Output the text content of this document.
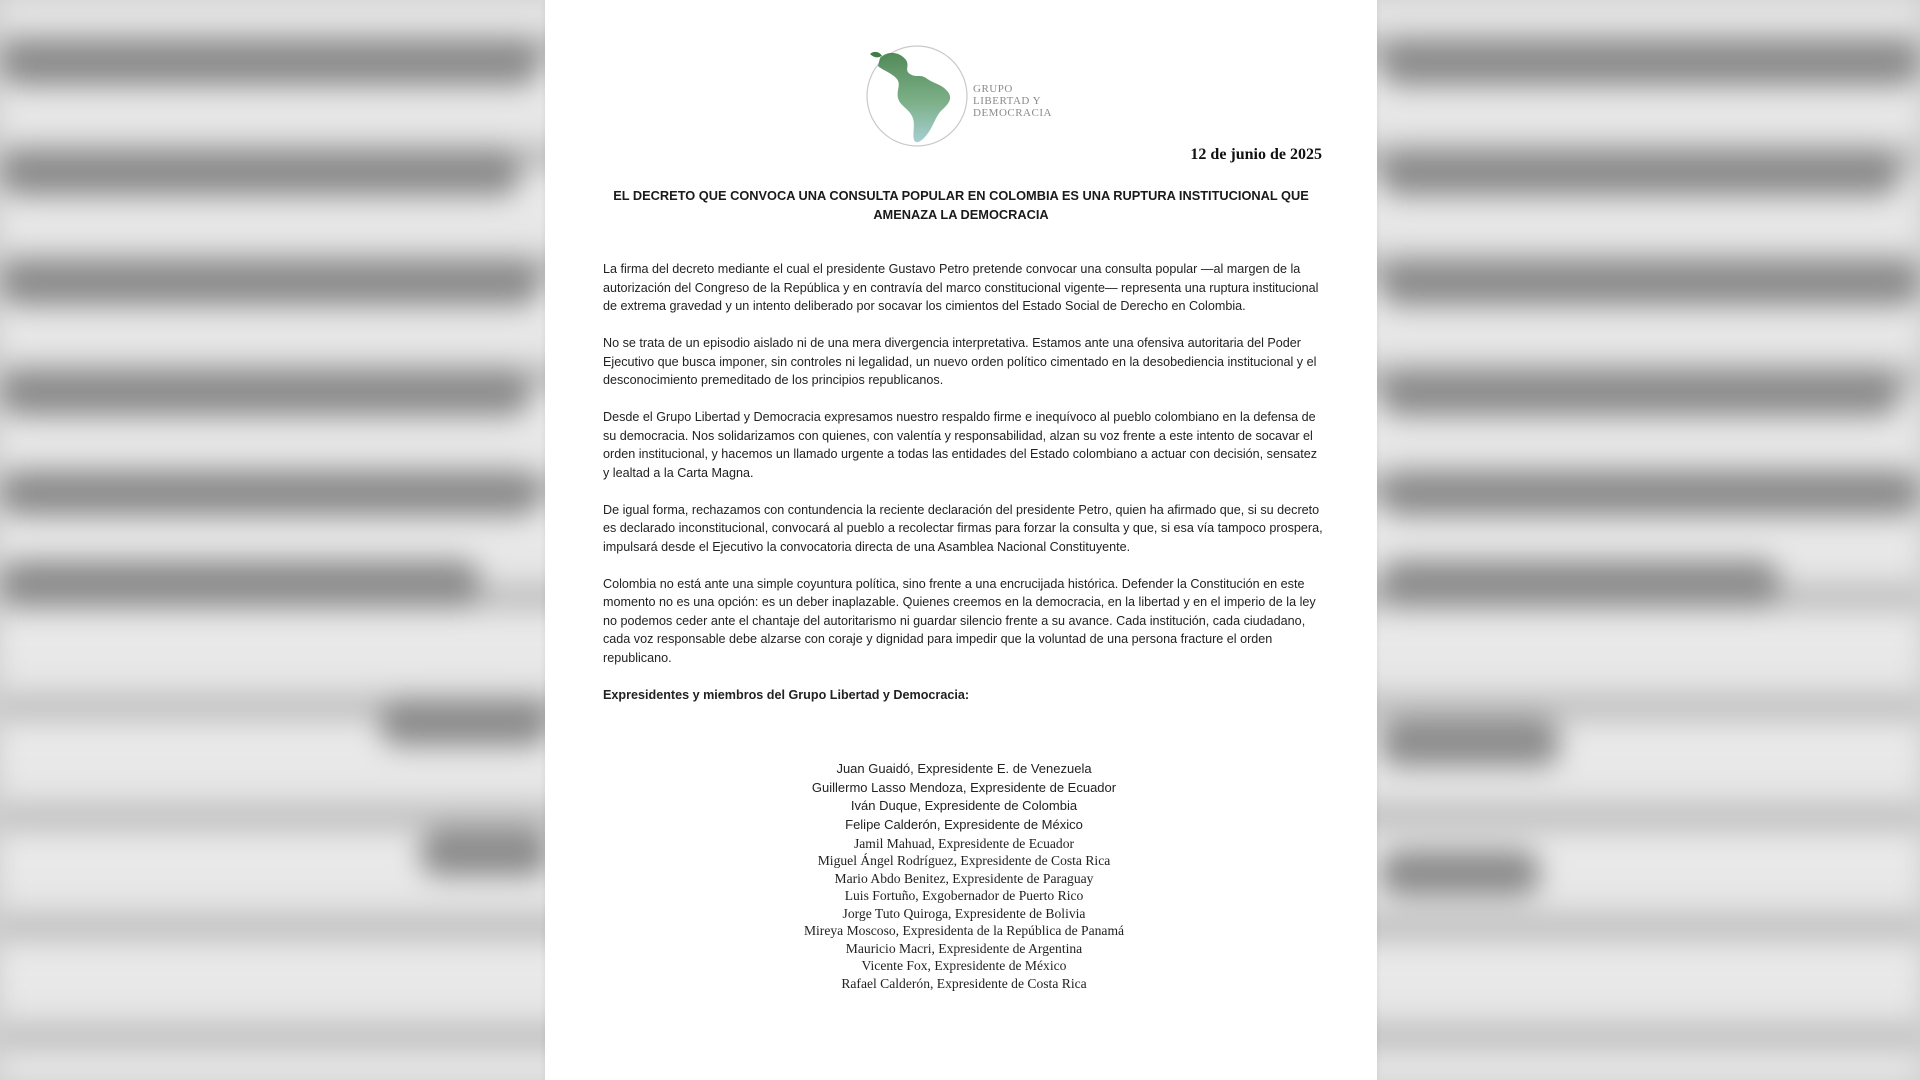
GRUPO
LIBERTAD Y
DEMOCRACIA
12 de junio de 2025
EL DECRETO QUE CONVOCA UNA CONSULTA POPULAR EN COLOMBIA ES UNA RUPTURA INSTITUCIONAL QUE
AMENAZA LA DEMOCRACIA

La firma del decreto mediante el cual el presidente Gustavo Petro pretende convocar una consulta popular —al margen de la autorización del Congreso de la República y en contravía del marco constitucional vigente— representa una ruptura institucional de extrema gravedad y un intento deliberado por socavar los cimientos del Estado Social de Derecho en Colombia.

No se trata de un episodio aislado ni de una mera divergencia interpretativa. Estamos ante una ofensiva autoritaria del Poder Ejecutivo que busca imponer, sin controles ni legalidad, un nuevo orden político cimentado en la desobediencia institucional y el desconocimiento premeditado de los principios republicanos.

Desde el Grupo Libertad y Democracia expresamos nuestro respaldo firme e inequívoco al pueblo colombiano en la defensa de su democracia. Nos solidarizamos con quienes, con valentía y responsabilidad, alzan su voz frente a este intento de socavar el orden institucional, y hacemos un llamado urgente a todas las entidades del Estado colombiano a actuar con decisión, sensatez y lealtad a la Carta Magna.

De igual forma, rechazamos con contundencia la reciente declaración del presidente Petro, quien ha afirmado que, si su decreto es declarado inconstitucional, convocará al pueblo a recolectar firmas para forzar la consulta y que, si esa vía tampoco prospera, impulsará desde el Ejecutivo la convocatoria directa de una Asamblea Nacional Constituyente.

Colombia no está ante una simple coyuntura política, sino frente a una encrucijada histórica. Defender la Constitución en este momento no es una opción: es un deber inaplazable. Quienes creemos en la democracia, en la libertad y en el imperio de la ley no podemos ceder ante el chantaje del autoritarismo ni guardar silencio frente a su avance. Cada institución, cada ciudadano, cada voz responsable debe alzarse con coraje y dignidad para impedir que la voluntad de una persona fracture el orden republicano.

Expresidentes y miembros del Grupo Libertad y Democracia:
Juan Guaidó, Expresidente E. de Venezuela
Guillermo Lasso Mendoza, Expresidente de Ecuador
Iván Duque, Expresidente de Colombia
Felipe Calderón, Expresidente de México
Jamil Mahuad, Expresidente de Ecuador
Miguel Ángel Rodríguez, Expresidente de Costa Rica
Mario Abdo Benitez, Expresidente de Paraguay
Luis Fortuño, Exgobernador de Puerto Rico
Jorge Tuto Quiroga, Expresidente de Bolivia
Mireya Moscoso, Expresidenta de la República de Panamá
Mauricio Macri, Expresidente de Argentina
Vicente Fox, Expresidente de México
Rafael Calderón, Expresidente de Costa Rica
